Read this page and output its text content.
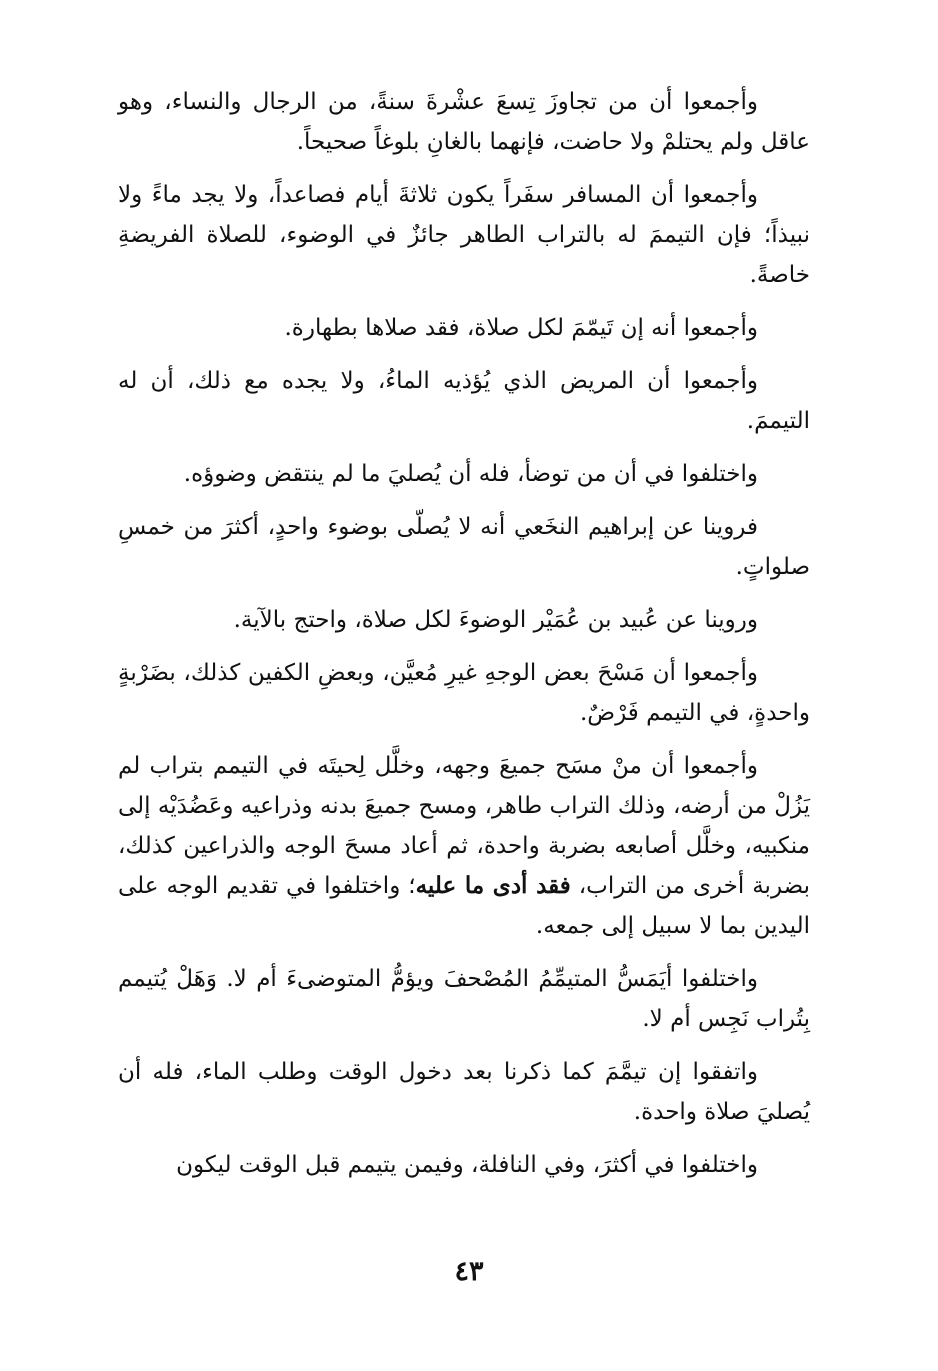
وأجمعوا أن من تجاوزَ تِسعَ عشْرةَ سنةً، من الرجال والنساء، وهو عاقل ولم يحتلمْ ولا حاضت، فإنهما بالغانِ بلوغاً صحيحاً.

وأجمعوا أن المسافر سفَراً يكون ثلاثةَ أيام فصاعداً، ولا يجد ماءً ولا نبيذاً؛ فإن التيممَ له بالتراب الطاهر جائزٌ في الوضوء، للصلاة الفريضةِ خاصةً.

وأجمعوا أنه إن تَيمّمَ لكل صلاة، فقد صلاها بطهارة.

وأجمعوا أن المريض الذي يُؤذيه الماءُ، ولا يجده مع ذلك، أن له التيممَ.

واختلفوا في أن من توضأ، فله أن يُصليَ ما لم ينتقض وضوؤه.

فروينا عن إبراهيم النخَعي أنه لا يُصلّى بوضوء واحدٍ، أكثرَ من خمسِ صلواتٍ.

وروينا عن عُبيد بن عُمَيْر الوضوءَ لكل صلاة، واحتج بالآية.

وأجمعوا أن مَسْحَ بعض الوجهِ غيرِ مُعيَّن، وبعضِ الكفين كذلك، بضَرْبةٍ واحدةٍ، في التيمم فَرْضٌ.

وأجمعوا أن منْ مسَح جميعَ وجهه، وخلَّل لِحيتَه في التيمم بتراب لم يَزُلْ من أرضه، وذلك التراب طاهر، ومسح جميعَ بدنه وذراعيه وعَضُدَيْه إلى منكبيه، وخلَّل أصابعه بضربة واحدة، ثم أعاد مسحَ الوجه والذراعين كذلك، بضربة أخرى من التراب، فقد أدى ما عليه؛ واختلفوا في تقديم الوجه على اليدين بما لا سبيل إلى جمعه.

واختلفوا أيَمَسُّ المتيمِّمُ المُصْحفَ ويؤمُّ المتوضىءَ أم لا. وَهَلْ يُتيمم بِتُراب نَجِس أم لا.

واتفقوا إن تيمَّمَ كما ذكرنا بعد دخول الوقت وطلب الماء، فله أن يُصليَ صلاة واحدة.

واختلفوا في أكثرَ، وفي النافلة، وفيمن يتيمم قبل الوقت ليكون

٤٣
